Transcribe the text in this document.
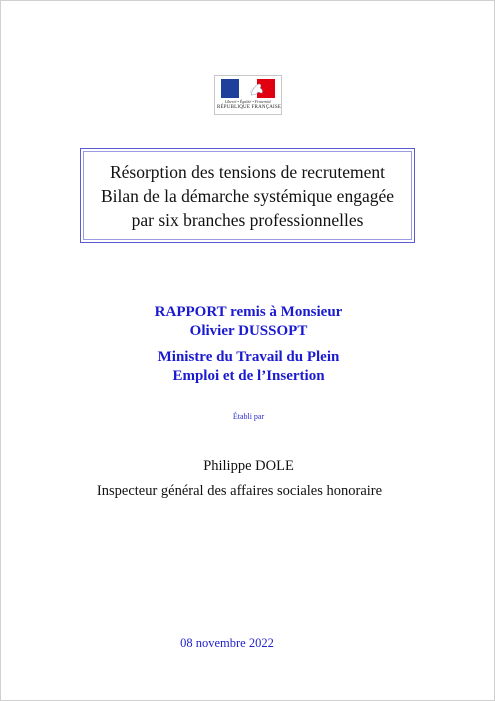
Liberté • Égalité • Fraternité
RÉPUBLIQUE FRANÇAISE
Résorption des tensions de recrutement
Bilan de la démarche systémique engagée
par six branches professionnelles
RAPPORT remis à Monsieur
Olivier DUSSOPT
Ministre du Travail du Plein
Emploi et de l’Insertion
Établi par
Philippe DOLE
Inspecteur général des affaires sociales honoraire
08 novembre 2022
